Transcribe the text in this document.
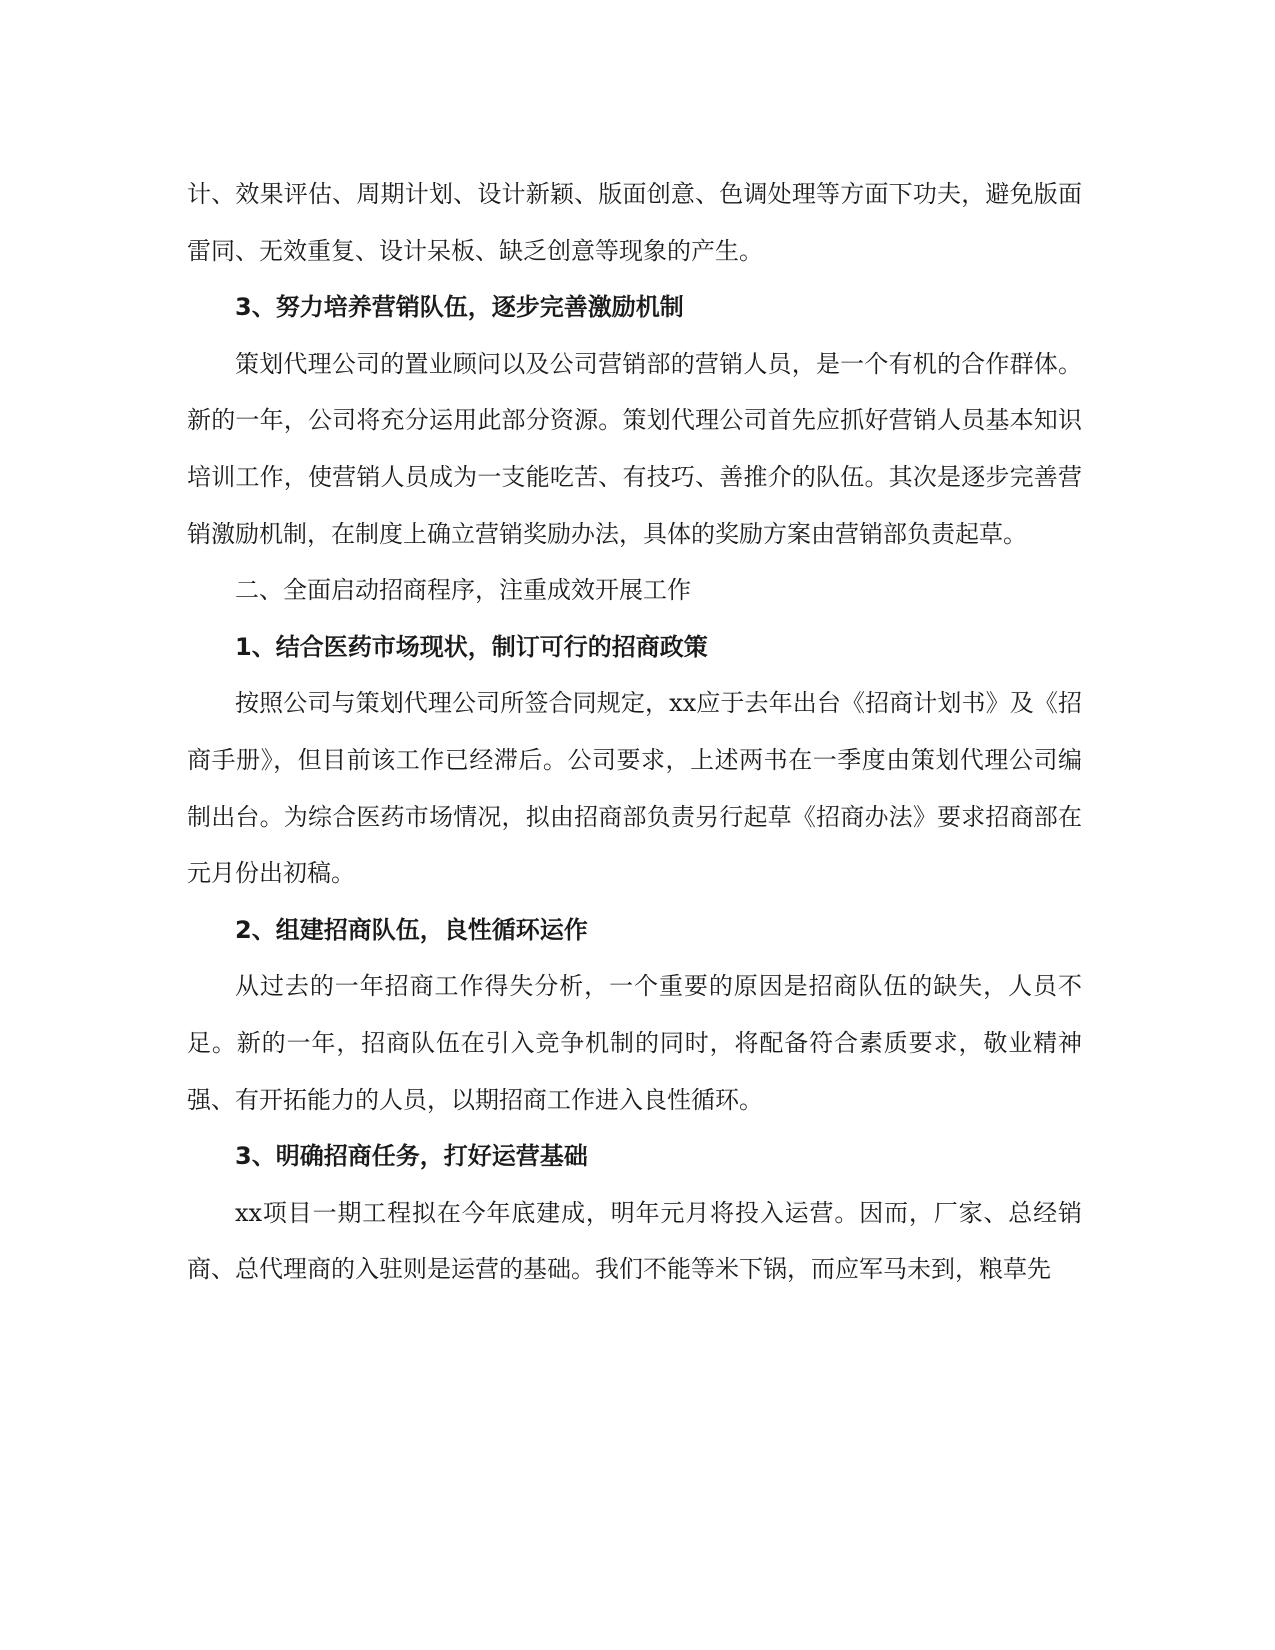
计、效果评估、周期计划、设计新颖、版面创意、色调处理等方面下功夫，避免版面雷同、无效重复、设计呆板、缺乏创意等现象的产生。

3、努力培养营销队伍，逐步完善激励机制

策划代理公司的置业顾问以及公司营销部的营销人员，是一个有机的合作群体。新的一年，公司将充分运用此部分资源。策划代理公司首先应抓好营销人员基本知识培训工作，使营销人员成为一支能吃苦、有技巧、善推介的队伍。其次是逐步完善营销激励机制，在制度上确立营销奖励办法，具体的奖励方案由营销部负责起草。

二、全面启动招商程序，注重成效开展工作

1、结合医药市场现状，制订可行的招商政策

按照公司与策划代理公司所签合同规定，xx应于去年出台《招商计划书》及《招商手册》，但目前该工作已经滞后。公司要求，上述两书在一季度由策划代理公司编制出台。为综合医药市场情况，拟由招商部负责另行起草《招商办法》要求招商部在元月份出初稿。

2、组建招商队伍，良性循环运作

从过去的一年招商工作得失分析，一个重要的原因是招商队伍的缺失，人员不足。新的一年，招商队伍在引入竞争机制的同时，将配备符合素质要求，敬业精神强、有开拓能力的人员，以期招商工作进入良性循环。

3、明确招商任务，打好运营基础

xx项目一期工程拟在今年底建成，明年元月将投入运营。因而，厂家、总经销商、总代理商的入驻则是运营的基础。我们不能等米下锅，而应军马未到，粮草先
